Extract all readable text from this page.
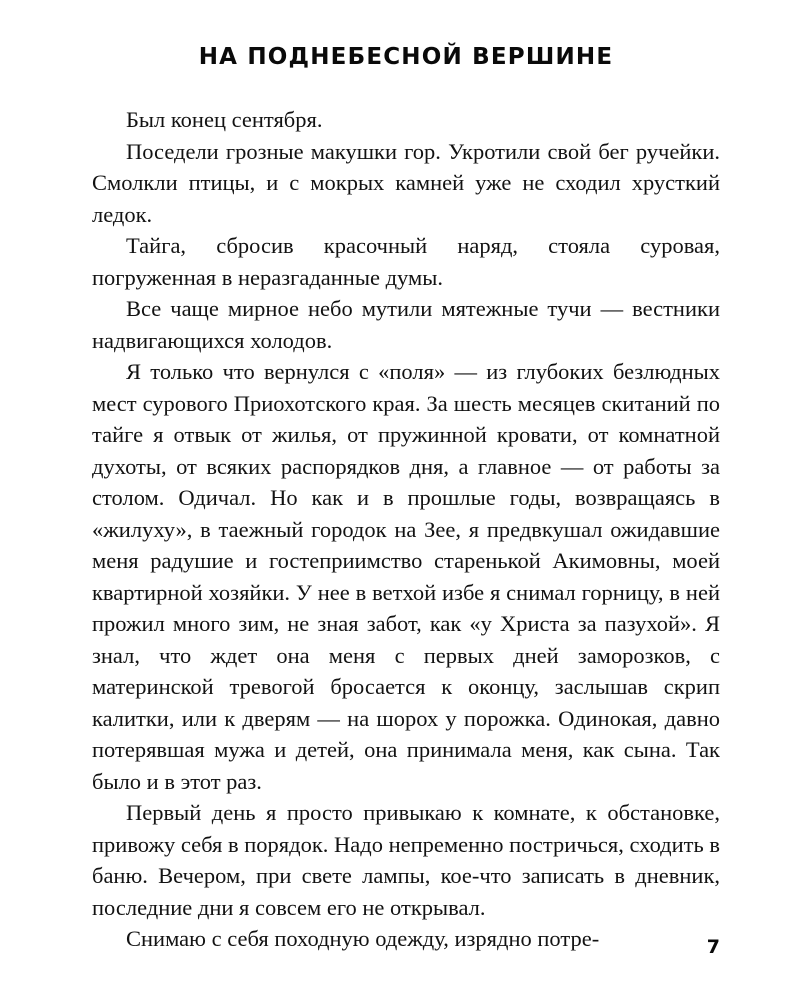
НА ПОДНЕБЕСНОЙ ВЕРШИНЕ

Был конец сентября.

Поседели грозные макушки гор. Укротили свой бег ручейки. Смолкли птицы, и с мокрых камней уже не сходил хрусткий ледок.

Тайга, сбросив красочный наряд, стояла суровая, погруженная в неразгаданные думы.

Все чаще мирное небо мутили мятежные тучи — вестники надвигающихся холодов.

Я только что вернулся с «поля» — из глубоких безлюдных мест сурового Приохотского края. За шесть месяцев скитаний по тайге я отвык от жилья, от пружинной кровати, от комнатной духоты, от всяких распорядков дня, а главное — от работы за столом. Одичал. Но как и в прошлые годы, возвращаясь в «жилуху», в таежный городок на Зее, я предвкушал ожидавшие меня радушие и гостеприимство старенькой Акимовны, моей квартирной хозяйки. У нее в ветхой избе я снимал горницу, в ней прожил много зим, не зная забот, как «у Христа за пазухой». Я знал, что ждет она меня с первых дней заморозков, с материнской тревогой бросается к оконцу, заслышав скрип калитки, или к дверям — на шорох у порожка. Одинокая, давно потерявшая мужа и детей, она принимала меня, как сына. Так было и в этот раз.

Первый день я просто привыкаю к комнате, к обстановке, привожу себя в порядок. Надо непременно постричься, сходить в баню. Вечером, при свете лампы, кое-что записать в дневник, последние дни я совсем его не открывал.

Снимаю с себя походную одежду, изрядно потре-	7
